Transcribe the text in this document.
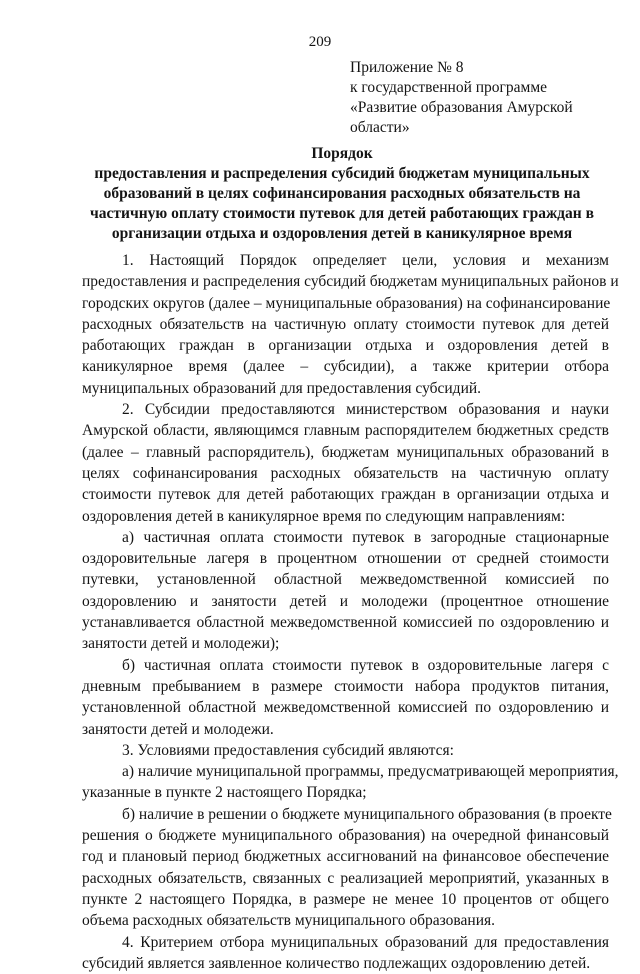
209
Приложение № 8
к государственной программе
«Развитие образования Амурской
области»
Порядок
предоставления и распределения субсидий бюджетам муниципальных
образований в целях софинансирования расходных обязательств на
частичную оплату стоимости путевок для детей работающих граждан в
организации отдыха и оздоровления детей в каникулярное время
1. Настоящий Порядок определяет цели, условия и механизм
предоставления и распределения субсидий бюджетам муниципальных районов и
городских округов (далее – муниципальные образования) на софинансирование
расходных обязательств на частичную оплату стоимости путевок для детей
работающих граждан в организации отдыха и оздоровления детей в
каникулярное время (далее – субсидии), а также критерии отбора
муниципальных образований для предоставления субсидий.
2. Субсидии предоставляются министерством образования и науки
Амурской области, являющимся главным распорядителем бюджетных средств
(далее – главный распорядитель), бюджетам муниципальных образований в
целях софинансирования расходных обязательств на частичную оплату
стоимости путевок для детей работающих граждан в организации отдыха и
оздоровления детей в каникулярное время по следующим направлениям:
а) частичная оплата стоимости путевок в загородные стационарные
оздоровительные лагеря в процентном отношении от средней стоимости
путевки, установленной областной межведомственной комиссией по
оздоровлению и занятости детей и молодежи (процентное отношение
устанавливается областной межведомственной комиссией по оздоровлению и
занятости детей и молодежи);
б) частичная оплата стоимости путевок в оздоровительные лагеря с
дневным пребыванием в размере стоимости набора продуктов питания,
установленной областной межведомственной комиссией по оздоровлению и
занятости детей и молодежи.
3. Условиями предоставления субсидий являются:
а) наличие муниципальной программы, предусматривающей мероприятия,
указанные в пункте 2 настоящего Порядка;
б) наличие в решении о бюджете муниципального образования (в проекте
решения о бюджете муниципального образования) на очередной финансовый
год и плановый период бюджетных ассигнований на финансовое обеспечение
расходных обязательств, связанных с реализацией мероприятий, указанных в
пункте 2 настоящего Порядка, в размере не менее 10 процентов от общего
объема расходных обязательств муниципального образования.
4. Критерием отбора муниципальных образований для предоставления
субсидий является заявленное количество подлежащих оздоровлению детей.
